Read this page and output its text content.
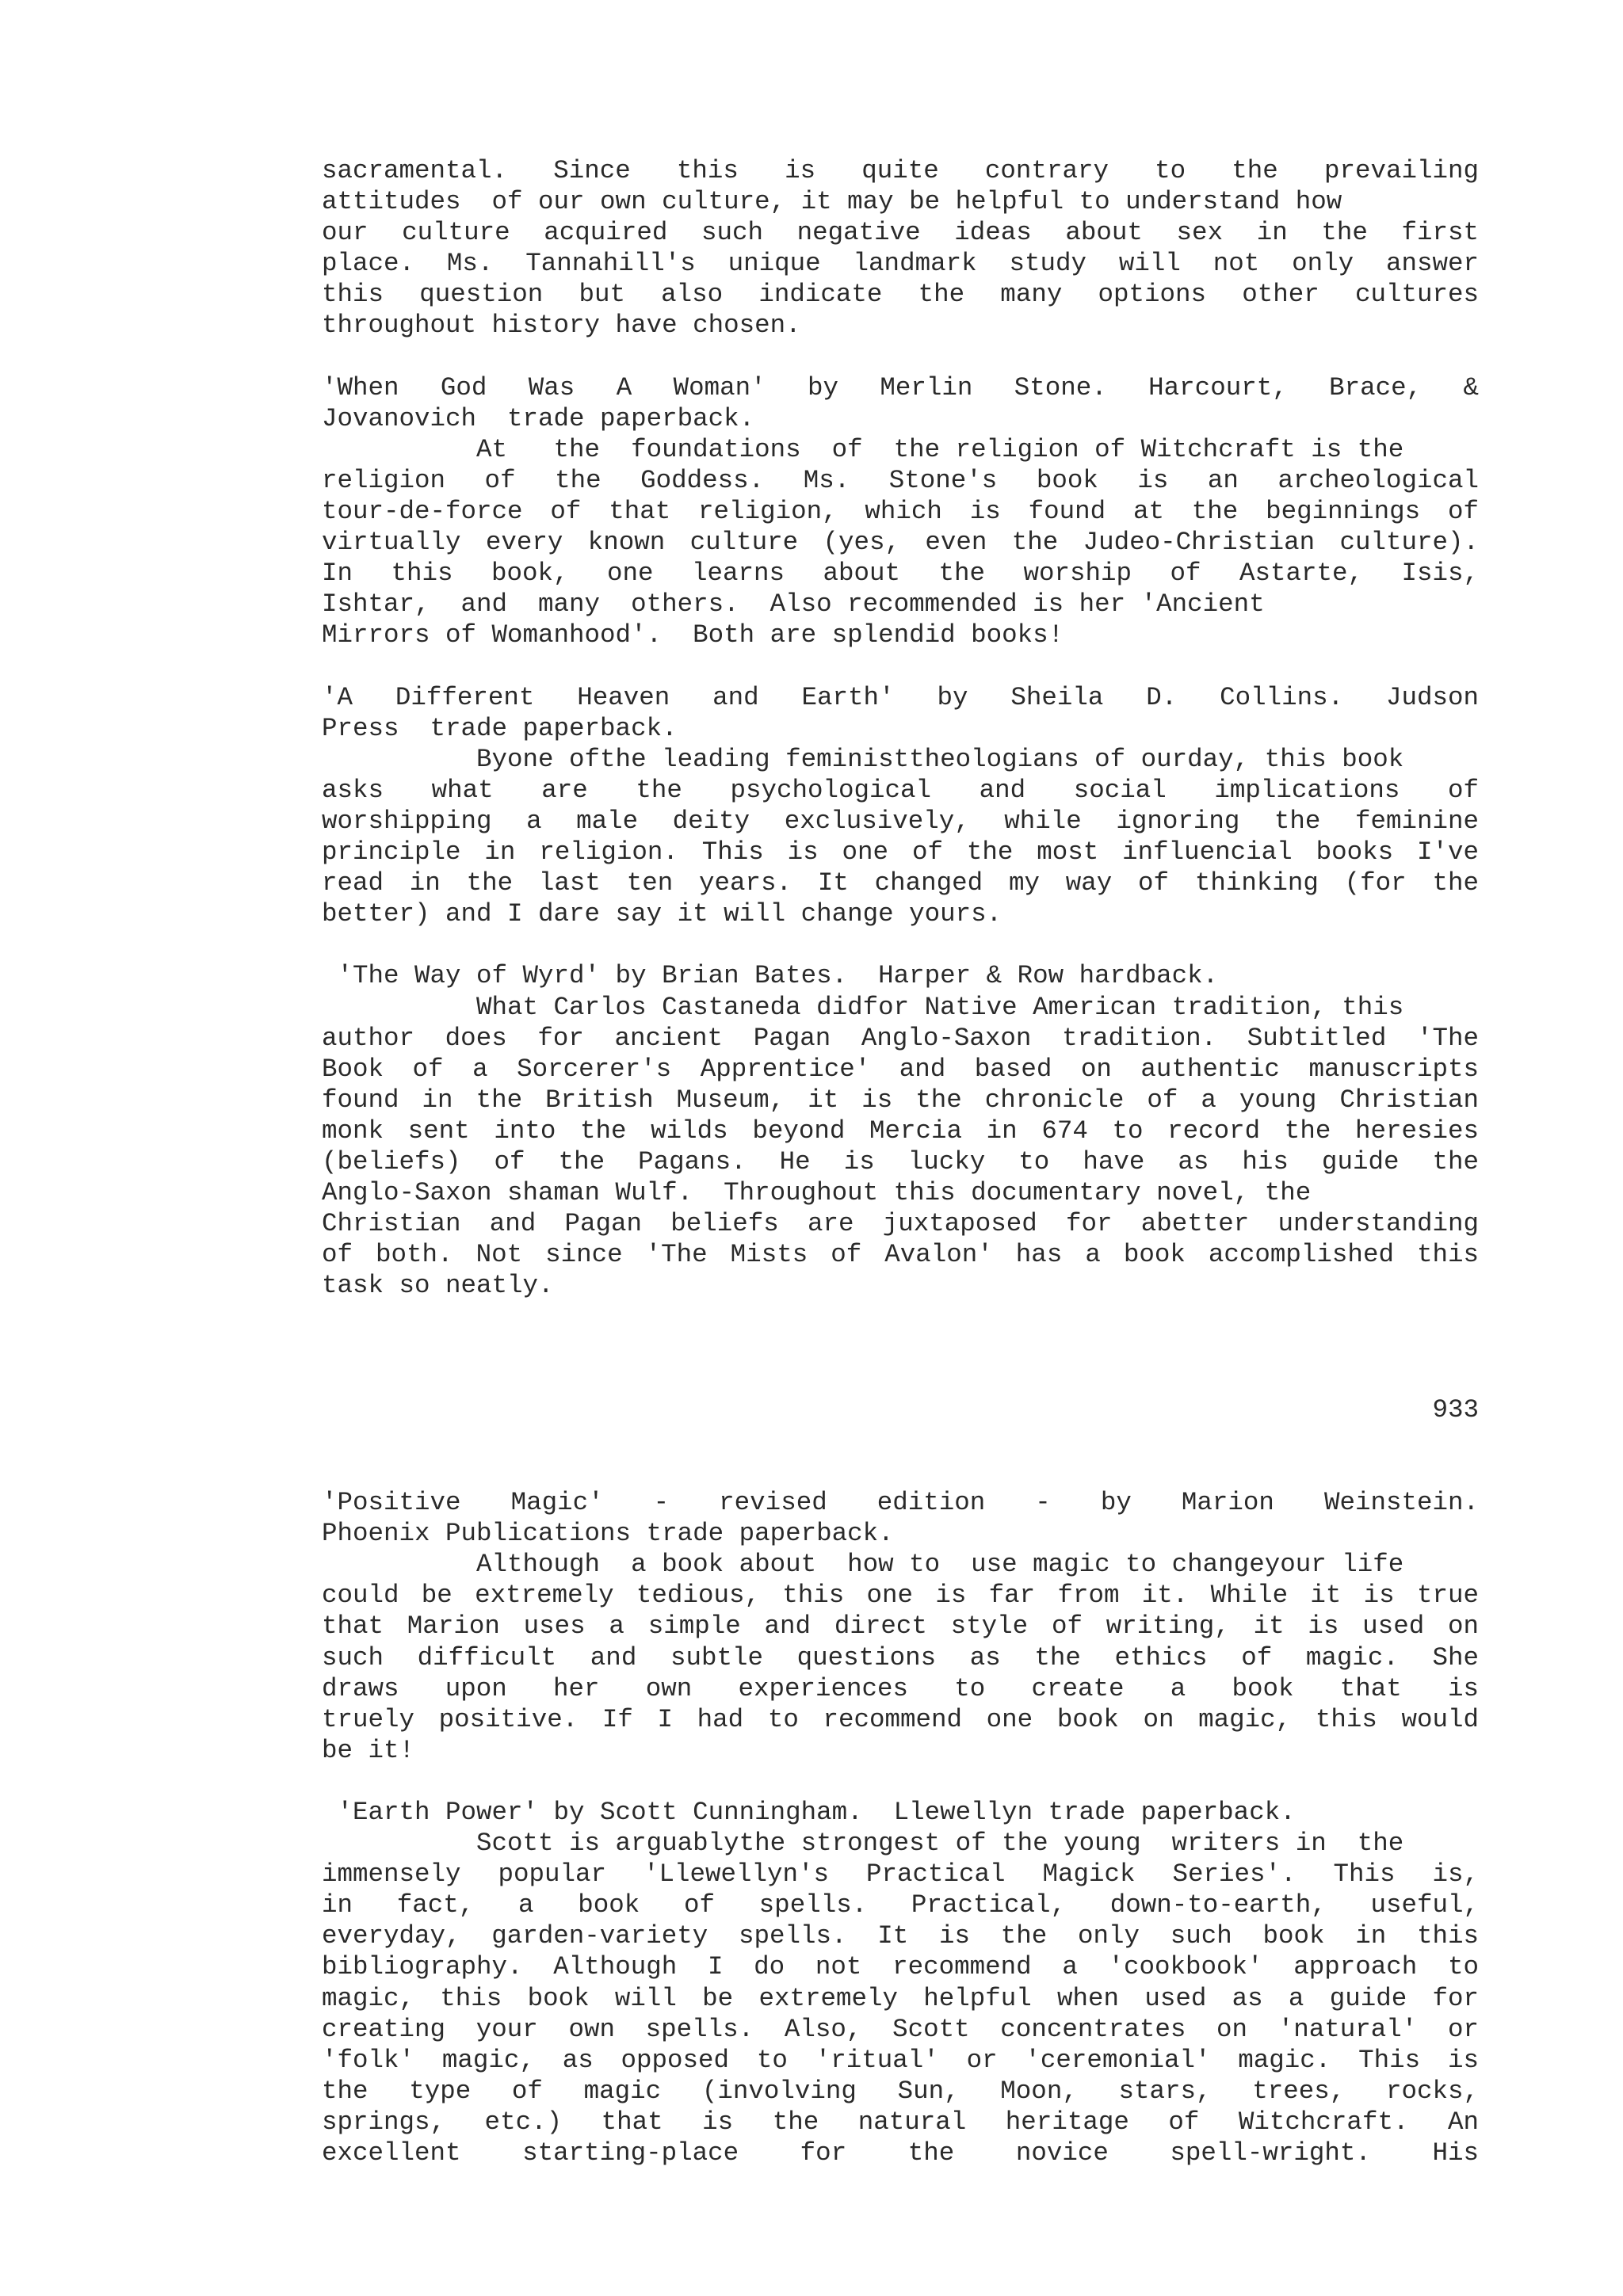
sacramental. Since this is quite contrary to the prevailing
attitudes  of our own culture, it may be helpful to understand how
our culture acquired such negative ideas about sex in the first
place. Ms. Tannahill's unique landmark study will not only answer
this question but also indicate the many options other cultures
throughout history have chosen.
'When God Was A Woman' by Merlin Stone. Harcourt, Brace, &
Jovanovich  trade paperback.
At   the  foundations  of  the religion of Witchcraft is the
religion of the Goddess. Ms. Stone's book is an archeological
tour-de-force of that religion, which is found at the beginnings of
virtually every known culture (yes, even the Judeo-Christian culture).
In this book, one learns about the worship of Astarte, Isis,
Ishtar,  and  many  others.  Also recommended is her 'Ancient
Mirrors of Womanhood'.  Both are splendid books!
'A Different Heaven and Earth' by Sheila D. Collins. Judson
Press  trade paperback.
Byone ofthe leading feministtheologians of ourday, this book
asks what are the psychological and social implications of
worshipping a male deity exclusively, while ignoring the feminine
principle in religion. This is one of the most influencial books I've
read in the last ten years. It changed my way of thinking (for the
better) and I dare say it will change yours.
'The Way of Wyrd' by Brian Bates.  Harper & Row hardback.
What Carlos Castaneda didfor Native American tradition, this
author does for ancient Pagan Anglo-Saxon tradition. Subtitled 'The
Book of a Sorcerer's Apprentice' and based on authentic manuscripts
found in the British Museum, it is the chronicle of a young Christian
monk sent into the wilds beyond Mercia in 674 to record the heresies
(beliefs) of the Pagans. He is lucky to have as his guide the
Anglo-Saxon shaman Wulf.  Throughout this documentary novel, the
Christian and Pagan beliefs are juxtaposed for abetter understanding
of both. Not since 'The Mists of Avalon' has a book accomplished this
task so neatly.
933
'Positive Magic' - revised edition - by Marion Weinstein.
Phoenix Publications trade paperback.
Although  a book about  how to  use magic to changeyour life
could be extremely tedious, this one is far from it. While it is true
that Marion uses a simple and direct style of writing, it is used on
such difficult and subtle questions as the ethics of magic. She
draws upon her own experiences to create a book that is
truely positive. If I had to recommend one book on magic, this would
be it!
'Earth Power' by Scott Cunningham.  Llewellyn trade paperback.
Scott is arguablythe strongest of the young  writers in  the
immensely popular 'Llewellyn's Practical Magick Series'. This is,
in fact, a book of spells. Practical, down-to-earth, useful,
everyday, garden-variety spells. It is the only such book in this
bibliography. Although I do not recommend a 'cookbook' approach to
magic, this book will be extremely helpful when used as a guide for
creating your own spells. Also, Scott concentrates on 'natural' or
'folk' magic, as opposed to 'ritual' or 'ceremonial' magic. This is
the type of magic (involving Sun, Moon, stars, trees, rocks,
springs, etc.) that is the natural heritage of Witchcraft. An
excellent starting-place for the novice spell-wright. His
